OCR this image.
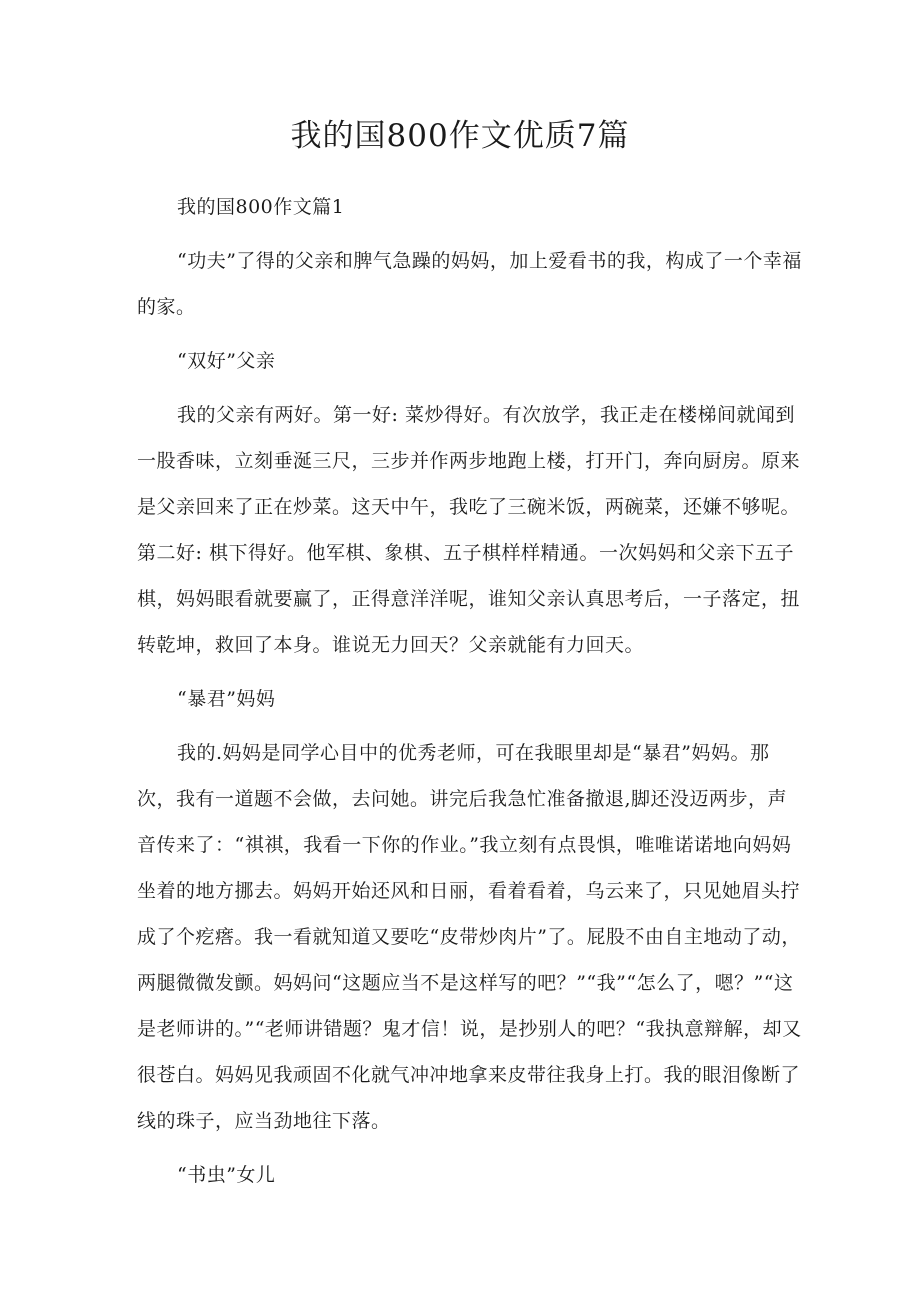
我的国800作文优质7篇

我的国800作文篇1

“功夫”了得的父亲和脾气急躁的妈妈，加上爱看书的我，构成了一个幸福的家。

“双好”父亲

我的父亲有两好。第一好: 菜炒得好。有次放学，我正走在楼梯间就闻到一股香味，立刻垂涎三尺，三步并作两步地跑上楼，打开门，奔向厨房。原来是父亲回来了正在炒菜。这天中午，我吃了三碗米饭，两碗菜，还嫌不够呢。第二好: 棋下得好。他军棋、象棋、五子棋样样精通。一次妈妈和父亲下五子棋，妈妈眼看就要赢了，正得意洋洋呢，谁知父亲认真思考后，一子落定，扭转乾坤，救回了本身。谁说无力回天？父亲就能有力回天。

“暴君”妈妈

我的.妈妈是同学心目中的优秀老师，可在我眼里却是“暴君”妈妈。那次，我有一道题不会做，去问她。讲完后我急忙准备撤退,脚还没迈两步，声音传来了：“祺祺，我看一下你的作业。”我立刻有点畏惧，唯唯诺诺地向妈妈坐着的地方挪去。妈妈开始还风和日丽，看着看着，乌云来了，只见她眉头拧成了个疙瘩。我一看就知道又要吃“皮带炒肉片”了。屁股不由自主地动了动，两腿微微发颤。妈妈问“这题应当不是这样写的吧？”“我”“怎么了，嗯？”“这是老师讲的。”“老师讲错题？鬼才信！说，是抄别人的吧？“我执意辩解，却又很苍白。妈妈见我顽固不化就气冲冲地拿来皮带往我身上打。我的眼泪像断了线的珠子，应当劲地往下落。

“书虫”女儿
